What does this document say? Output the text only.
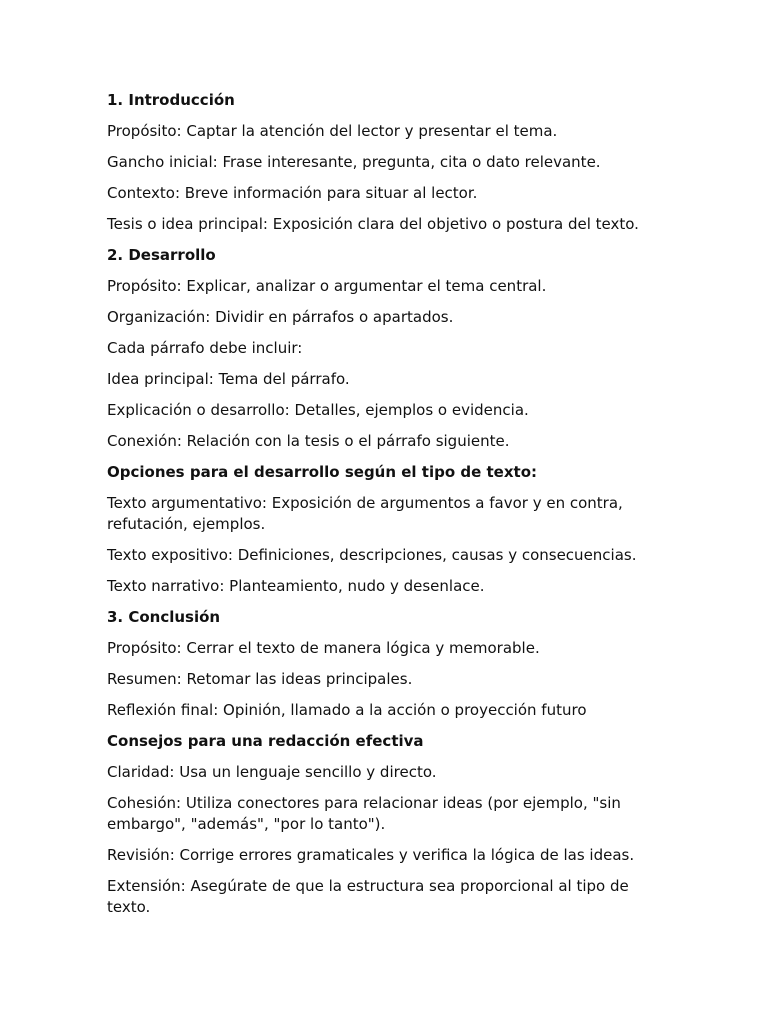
1. Introducción

Propósito: Captar la atención del lector y presentar el tema.

Gancho inicial: Frase interesante, pregunta, cita o dato relevante.

Contexto: Breve información para situar al lector.

Tesis o idea principal: Exposición clara del objetivo o postura del texto.

2. Desarrollo

Propósito: Explicar, analizar o argumentar el tema central.

Organización: Dividir en párrafos o apartados.

Cada párrafo debe incluir:

Idea principal: Tema del párrafo.

Explicación o desarrollo: Detalles, ejemplos o evidencia.

Conexión: Relación con la tesis o el párrafo siguiente.

Opciones para el desarrollo según el tipo de texto:

Texto argumentativo: Exposición de argumentos a favor y en contra, refutación, ejemplos.

Texto expositivo: Definiciones, descripciones, causas y consecuencias.

Texto narrativo: Planteamiento, nudo y desenlace.

3. Conclusión

Propósito: Cerrar el texto de manera lógica y memorable.

Resumen: Retomar las ideas principales.

Reflexión final: Opinión, llamado a la acción o proyección futuro

Consejos para una redacción efectiva

Claridad: Usa un lenguaje sencillo y directo.

Cohesión: Utiliza conectores para relacionar ideas (por ejemplo, "sin embargo", "además", "por lo tanto").

Revisión: Corrige errores gramaticales y verifica la lógica de las ideas.

Extensión: Asegúrate de que la estructura sea proporcional al tipo de texto.
